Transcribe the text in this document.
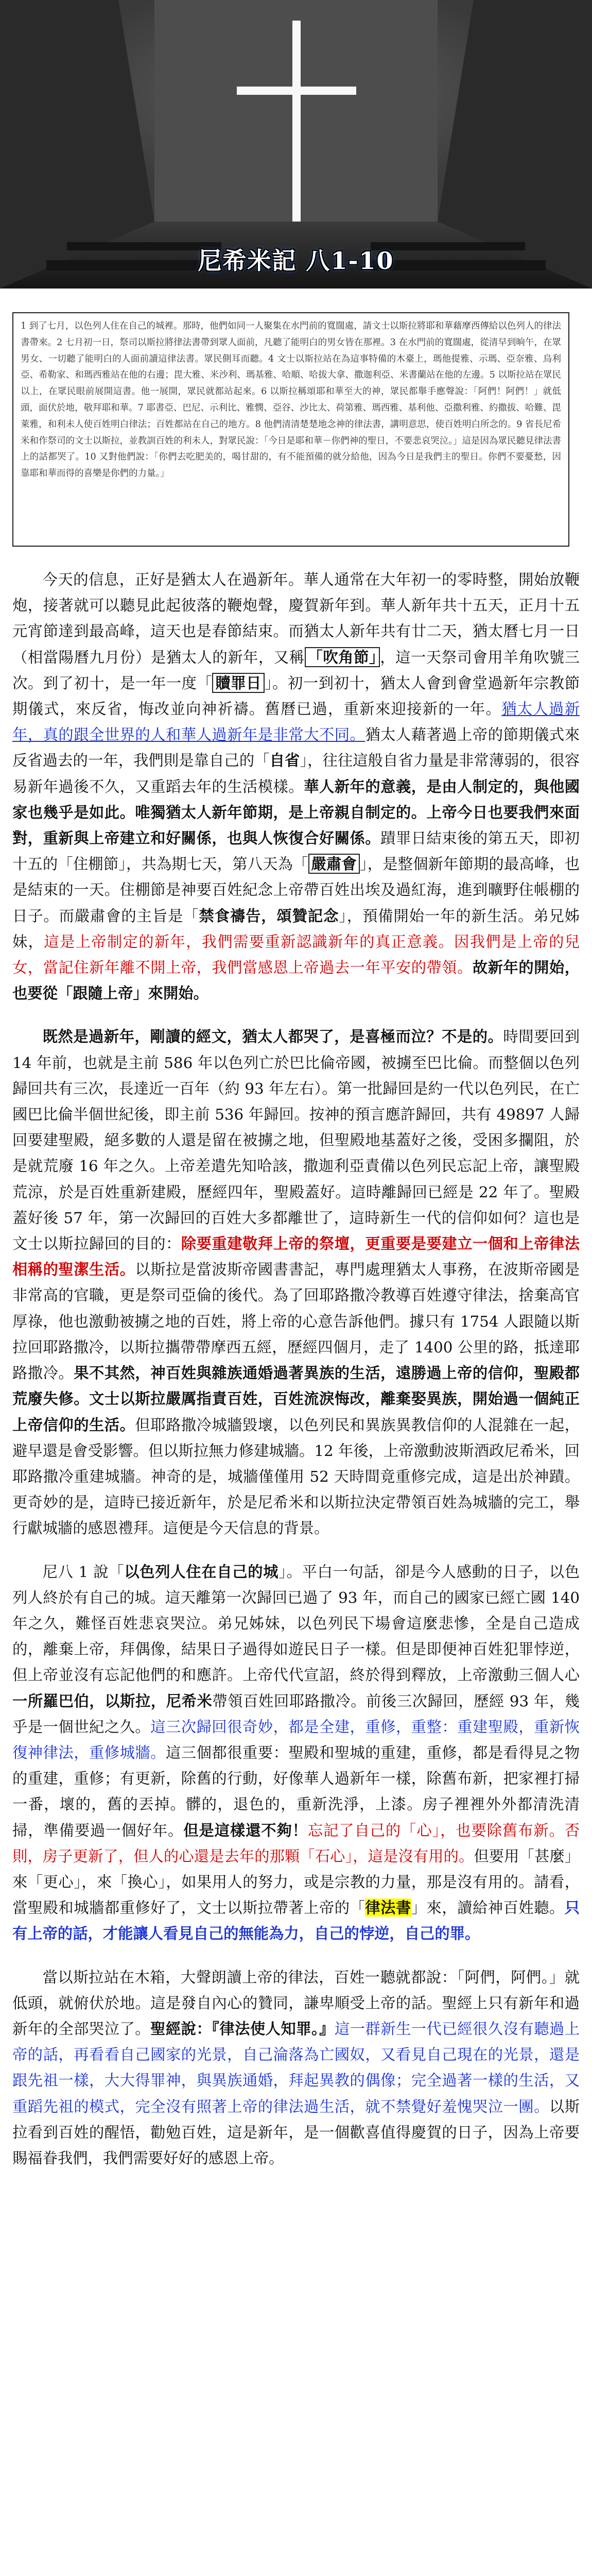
尼希米記 八1-10
1 到了七月，以色列人住在自己的城裡。那時，他們如同一人聚集在水門前的寬闊處，請文士以斯拉將耶和華藉摩西傳給以色列人的律法書帶來。2 七月初一日，祭司以斯拉將律法書帶到眾人面前，凡聽了能明白的男女皆在那裡。3 在水門前的寬闊處，從清早到晌午，在眾男女、一切聽了能明白的人面前讀這律法書。眾民側耳而聽。4 文士以斯拉站在為這事特備的木臺上，瑪他提雅、示瑪、亞奈雅、烏利亞、希勒家、和瑪西雅站在他的右邊；毘大雅、米沙利、瑪基雅、哈順、哈拔大拿、撒迦利亞、米書蘭站在他的左邊。5 以斯拉站在眾民以上，在眾民眼前展開這書。他一展開，眾民就都站起來。6 以斯拉稱頌耶和華至大的神，眾民都舉手應聲說：「阿們！阿們！」就低頭，面伏於地，敬拜耶和華。7 耶書亞、巴尼、示利比、雅憫、亞谷、沙比太、荷第雅、瑪西雅、基利他、亞撒利雅、約撒拔、哈難、毘萊雅，和利未人使百姓明白律法；百姓都站在自己的地方。8 他們清清楚楚地念神的律法書，講明意思，使百姓明白所念的。9 省長尼希米和作祭司的文士以斯拉，並教訓百姓的利未人，對眾民說：「今日是耶和華－你們神的聖日，不要悲哀哭泣。」這是因為眾民聽見律法書上的話都哭了。10 又對他們說：「你們去吃肥美的，喝甘甜的，有不能預備的就分給他，因為今日是我們主的聖日。你們不要憂愁，因靠耶和華而得的喜樂是你們的力量。」

今天的信息，正好是猶太人在過新年。華人通常在大年初一的零時整，開始放鞭炮，接著就可以聽見此起彼落的鞭炮聲，慶賀新年到。華人新年共十五天，正月十五元宵節達到最高峰，這天也是春節結束。而猶太人新年共有廿二天，猶太曆七月一日（相當陽曆九月份）是猶太人的新年，又稱 「吹角節」 ，這一天祭司會用羊角吹號三次。到了初十，是一年一度「 贖罪日 」。初一到初十，猶太人會到會堂過新年宗教節期儀式，來反省，悔改並向神祈禱。舊曆已過，重新來迎接新的一年。猶太人過新年，真的跟全世界的人和華人過新年是非常大不同。猶太人藉著過上帝的節期儀式來反省過去的一年，我們則是靠自己的「自省」，往往這般自省力量是非常薄弱的，很容易新年過後不久，又重蹈去年的生活模樣。華人新年的意義，是由人制定的，與他國家也幾乎是如此。唯獨猶太人新年節期，是上帝親自制定的。上帝今日也要我們來面對，重新與上帝建立和好關係，也與人恢復合好關係。蹟罪日結束後的第五天，即初十五的「住棚節」，共為期七天，第八天為「 嚴肅會 」，是整個新年節期的最高峰，也是結束的一天。住棚節是神要百姓紀念上帝帶百姓出埃及過紅海，進到曠野住帳棚的日子。而嚴肅會的主旨是「禁食禱告，頌贊記念」，預備開始一年的新生活。弟兄姊妹，這是上帝制定的新年，我們需要重新認識新年的真正意義。因我們是上帝的兒女，當記住新年離不開上帝，我們當感恩上帝過去一年平安的帶領。故新年的開始，也要從「跟隨上帝」來開始。

既然是過新年，剛讀的經文，猶太人都哭了，是喜極而泣？不是的。時間要回到 14 年前，也就是主前 586 年以色列亡於巴比倫帝國，被擄至巴比倫。而整個以色列歸回共有三次，長達近一百年（約 93 年左右）。第一批歸回是約一代以色列民，在亡國巴比倫半個世紀後，即主前 536 年歸回。按神的預言應許歸回，共有 49897 人歸回要建聖殿，絕多數的人還是留在被擄之地，但聖殿地基蓋好之後，受困多攔阻，於是就荒廢 16 年之久。上帝差遣先知哈該，撒迦利亞責備以色列民忘記上帝，讓聖殿荒涼，於是百姓重新建殿，歷經四年，聖殿蓋好。這時離歸回已經是 22 年了。聖殿蓋好後 57 年，第一次歸回的百姓大多都離世了，這時新生一代的信仰如何？這也是文士以斯拉歸回的目的：除要重建敬拜上帝的祭壇，更重要是要建立一個和上帝律法相稱的聖潔生活。以斯拉是當波斯帝國書書記，專門處理猶太人事務，在波斯帝國是非常高的官職，更是祭司亞倫的後代。為了回耶路撒冷教導百姓遵守律法，捨棄高官厚祿，他也激動被擄之地的百姓，將上帝的心意告訴他們。據只有 1754 人跟隨以斯拉回耶路撒冷，以斯拉攜帶帶摩西五經，歷經四個月，走了 1400 公里的路，抵達耶路撒冷。果不其然，神百姓與雜族通婚過著異族的生活，遠勝過上帝的信仰，聖殿都荒廢失修。文士以斯拉嚴厲指責百姓，百姓流淚悔改，離棄娶異族，開始過一個純正上帝信仰的生活。但耶路撒冷城牆毀壞，以色列民和異族異教信仰的人混雜在一起，避早還是會受影響。但以斯拉無力修建城牆。12 年後，上帝激動波斯酒政尼希米，回耶路撒冷重建城牆。神奇的是，城牆僅僅用 52 天時間竟重修完成，這是出於神蹟。更奇妙的是，這時已接近新年，於是尼希米和以斯拉決定帶領百姓為城牆的完工，舉行獻城牆的感恩禮拜。這便是今天信息的背景。

尼八 1 說「以色列人住在自己的城」。平白一句話，卻是今人感動的日子，以色列人終於有自己的城。這天離第一次歸回已過了 93 年，而自己的國家已經亡國 140 年之久，難怪百姓悲哀哭泣。弟兄姊妹，以色列民下場會這麼悲慘，全是自己造成的，離棄上帝，拜偶像，結果日子過得如遊民日子一樣。但是即便神百姓犯罪悖逆，但上帝並沒有忘記他們的和應許。上帝代代宣詔，終於得到釋放，上帝激動三個人心一所羅巴伯，以斯拉，尼希米帶領百姓回耶路撒冷。前後三次歸回，歷經 93 年，幾乎是一個世紀之久。這三次歸回很奇妙，都是全建，重修，重整：重建聖殿，重新恢復神律法，重修城牆。這三個都很重要：聖殿和聖城的重建，重修，都是看得見之物的重建，重修；有更新，除舊的行動，好像華人過新年一樣，除舊布新，把家裡打掃一番，壞的，舊的丟掉。髒的，退色的，重新洗淨，上漆。房子裡裡外外都清洗清掃，準備要過一個好年。但是這樣還不夠！忘記了自己的「心」，也要除舊布新。否則，房子更新了，但人的心還是去年的那顆「石心」，這是沒有用的。但要用「甚麼」來「更心」，來「換心」，如果用人的努力，或是宗教的力量，那是沒有用的。請看，當聖殿和城牆都重修好了，文士以斯拉帶著上帝的「律法書」來，讀給神百姓聽。只有上帝的話，才能讓人看見自己的無能為力，自己的悖逆，自己的罪。

當以斯拉站在木箱，大聲朗讀上帝的律法，百姓一聽就都說：「阿們，阿們。」就低頭，就俯伏於地。這是發自內心的贊同，謙卑順受上帝的話。聖經上只有新年和過新年的全部哭泣了。聖經說：『律法使人知罪。』這一群新生一代已經很久沒有聽過上帝的話，再看看自己國家的光景，自己淪落為亡國奴，又看見自己現在的光景，還是跟先祖一樣，大大得罪神，與異族通婚，拜起異教的偶像；完全過著一樣的生活，又重蹈先祖的模式，完全沒有照著上帝的律法過生活，就不禁覺好羞愧哭泣一團。以斯拉看到百姓的醒悟，勸勉百姓，這是新年，是一個歡喜值得慶賀的日子，因為上帝要賜福眷我們，我們需要好好的感恩上帝。
